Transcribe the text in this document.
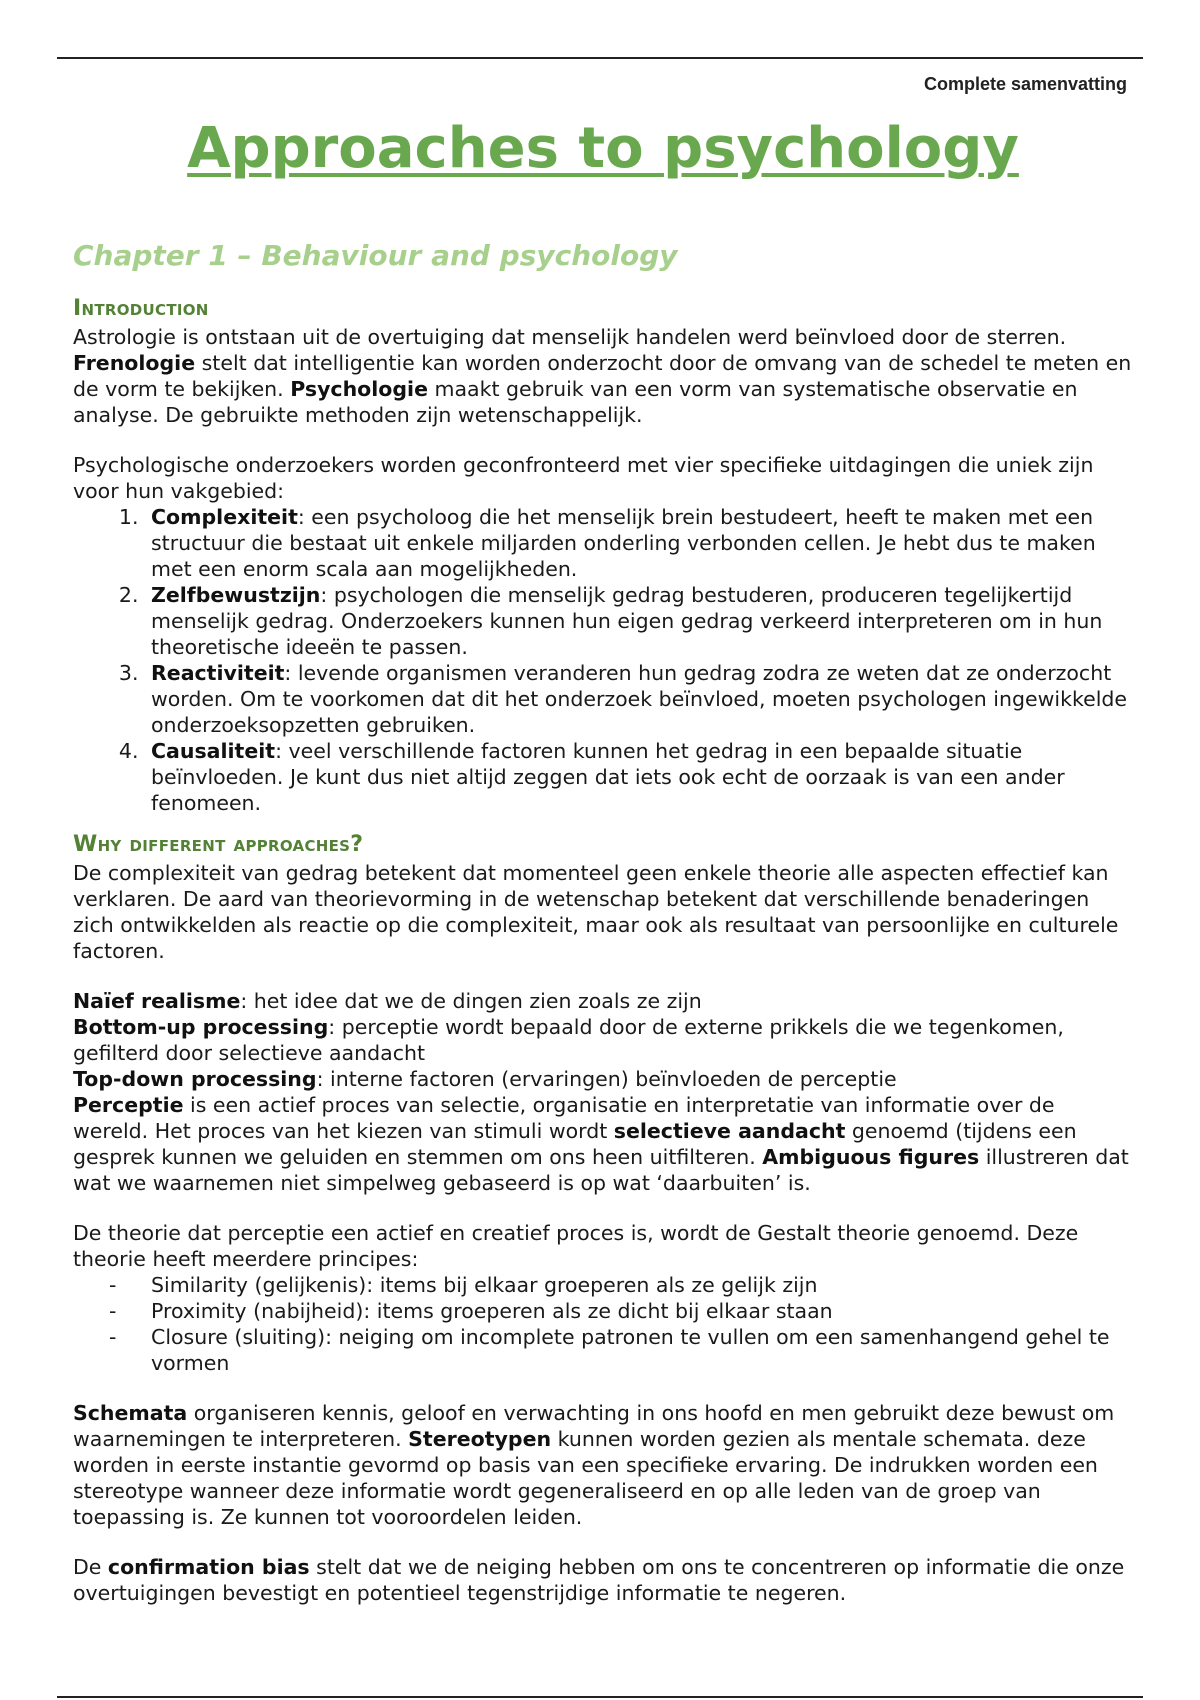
Complete samenvatting
Approaches to psychology
Chapter 1 – Behaviour and psychology
Introduction

Astrologie is ontstaan uit de overtuiging dat menselijk handelen werd beïnvloed door de sterren. Frenologie stelt dat intelligentie kan worden onderzocht door de omvang van de schedel te meten en de vorm te bekijken. Psychologie maakt gebruik van een vorm van systematische observatie en analyse. De gebruikte methoden zijn wetenschappelijk.

Psychologische onderzoekers worden geconfronteerd met vier specifieke uitdagingen die uniek zijn voor hun vakgebied:

1. Complexiteit: een psycholoog die het menselijk brein bestudeert, heeft te maken met een structuur die bestaat uit enkele miljarden onderling verbonden cellen. Je hebt dus te maken met een enorm scala aan mogelijkheden.
2. Zelfbewustzijn: psychologen die menselijk gedrag bestuderen, produceren tegelijkertijd menselijk gedrag. Onderzoekers kunnen hun eigen gedrag verkeerd interpreteren om in hun theoretische ideeën te passen.
3. Reactiviteit: levende organismen veranderen hun gedrag zodra ze weten dat ze onderzocht worden. Om te voorkomen dat dit het onderzoek beïnvloed, moeten psychologen ingewikkelde onderzoeksopzetten gebruiken.
4. Causaliteit: veel verschillende factoren kunnen het gedrag in een bepaalde situatie beïnvloeden. Je kunt dus niet altijd zeggen dat iets ook echt de oorzaak is van een ander fenomeen.
Why different approaches?

De complexiteit van gedrag betekent dat momenteel geen enkele theorie alle aspecten effectief kan verklaren. De aard van theorievorming in de wetenschap betekent dat verschillende benaderingen zich ontwikkelden als reactie op die complexiteit, maar ook als resultaat van persoonlijke en culturele factoren.

Naïef realisme: het idee dat we de dingen zien zoals ze zijn

Bottom-up processing: perceptie wordt bepaald door de externe prikkels die we tegenkomen, gefilterd door selectieve aandacht

Top-down processing: interne factoren (ervaringen) beïnvloeden de perceptie

Perceptie is een actief proces van selectie, organisatie en interpretatie van informatie over de wereld. Het proces van het kiezen van stimuli wordt selectieve aandacht genoemd (tijdens een gesprek kunnen we geluiden en stemmen om ons heen uitfilteren. Ambiguous figures illustreren dat wat we waarnemen niet simpelweg gebaseerd is op wat ‘daarbuiten’ is.

De theorie dat perceptie een actief en creatief proces is, wordt de Gestalt theorie genoemd. Deze theorie heeft meerdere principes:

- Similarity (gelijkenis): items bij elkaar groeperen als ze gelijk zijn
- Proximity (nabijheid): items groeperen als ze dicht bij elkaar staan
- Closure (sluiting): neiging om incomplete patronen te vullen om een samenhangend gehel te vormen

Schemata organiseren kennis, geloof en verwachting in ons hoofd en men gebruikt deze bewust om waarnemingen te interpreteren. Stereotypen kunnen worden gezien als mentale schemata. deze worden in eerste instantie gevormd op basis van een specifieke ervaring. De indrukken worden een stereotype wanneer deze informatie wordt gegeneraliseerd en op alle leden van de groep van toepassing is. Ze kunnen tot vooroordelen leiden.

De confirmation bias stelt dat we de neiging hebben om ons te concentreren op informatie die onze overtuigingen bevestigt en potentieel tegenstrijdige informatie te negeren.
